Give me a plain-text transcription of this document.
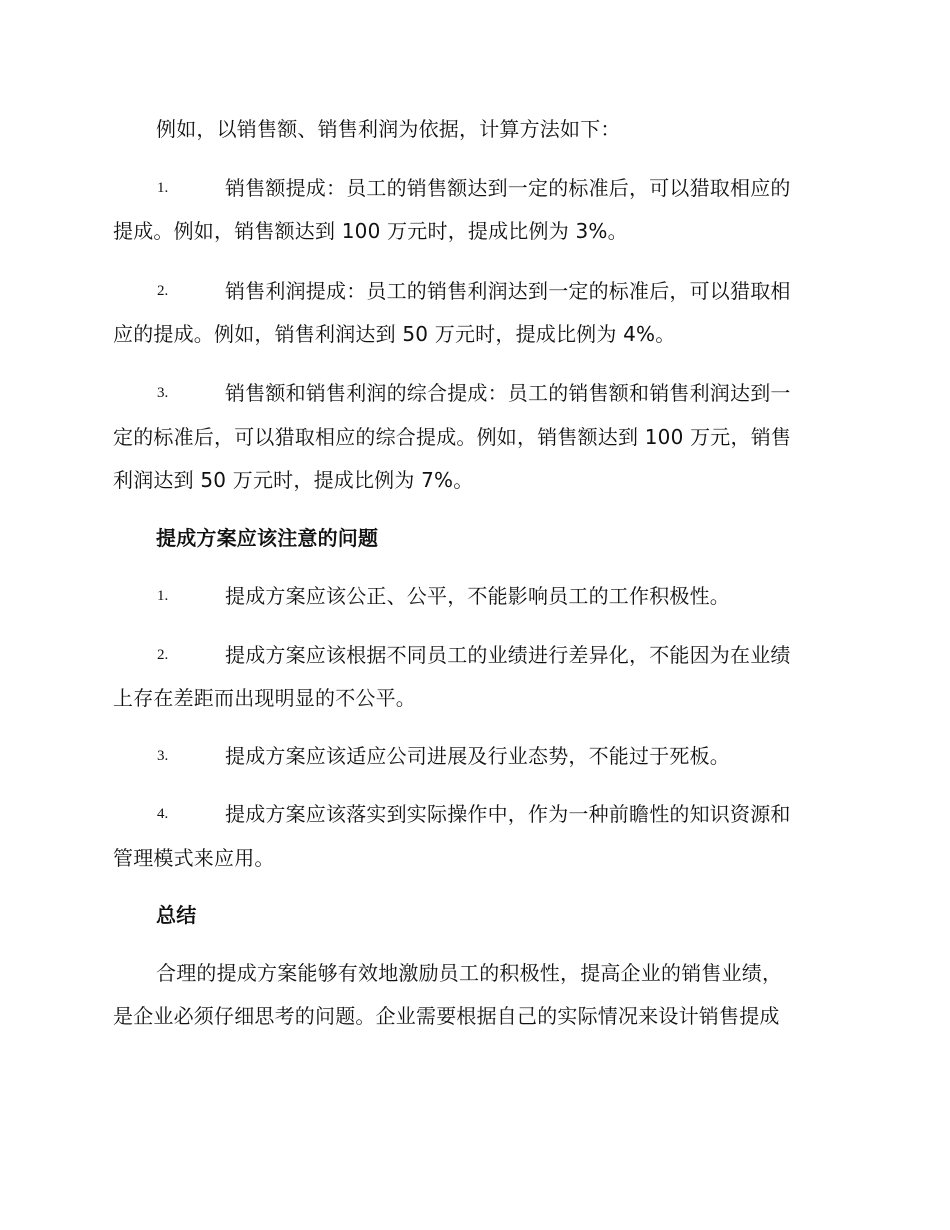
例如，以销售额、销售利润为依据，计算方法如下：
1.	销售额提成：员工的销售额达到一定的标准后，可以猎取相应的
提成。例如，销售额达到 100 万元时，提成比例为 3%。
2.	销售利润提成：员工的销售利润达到一定的标准后，可以猎取相
应的提成。例如，销售利润达到 50 万元时，提成比例为 4%。
3.	销售额和销售利润的综合提成：员工的销售额和销售利润达到一
定的标准后，可以猎取相应的综合提成。例如，销售额达到 100 万元，销售
利润达到 50 万元时，提成比例为 7%。
提成方案应该注意的问题
1.	提成方案应该公正、公平，不能影响员工的工作积极性。
2.	提成方案应该根据不同员工的业绩进行差异化，不能因为在业绩
上存在差距而出现明显的不公平。
3.	提成方案应该适应公司进展及行业态势，不能过于死板。
4.	提成方案应该落实到实际操作中，作为一种前瞻性的知识资源和
管理模式来应用。
总结
合理的提成方案能够有效地激励员工的积极性，提高企业的销售业绩，
是企业必须仔细思考的问题。企业需要根据自己的实际情况来设计销售提成
